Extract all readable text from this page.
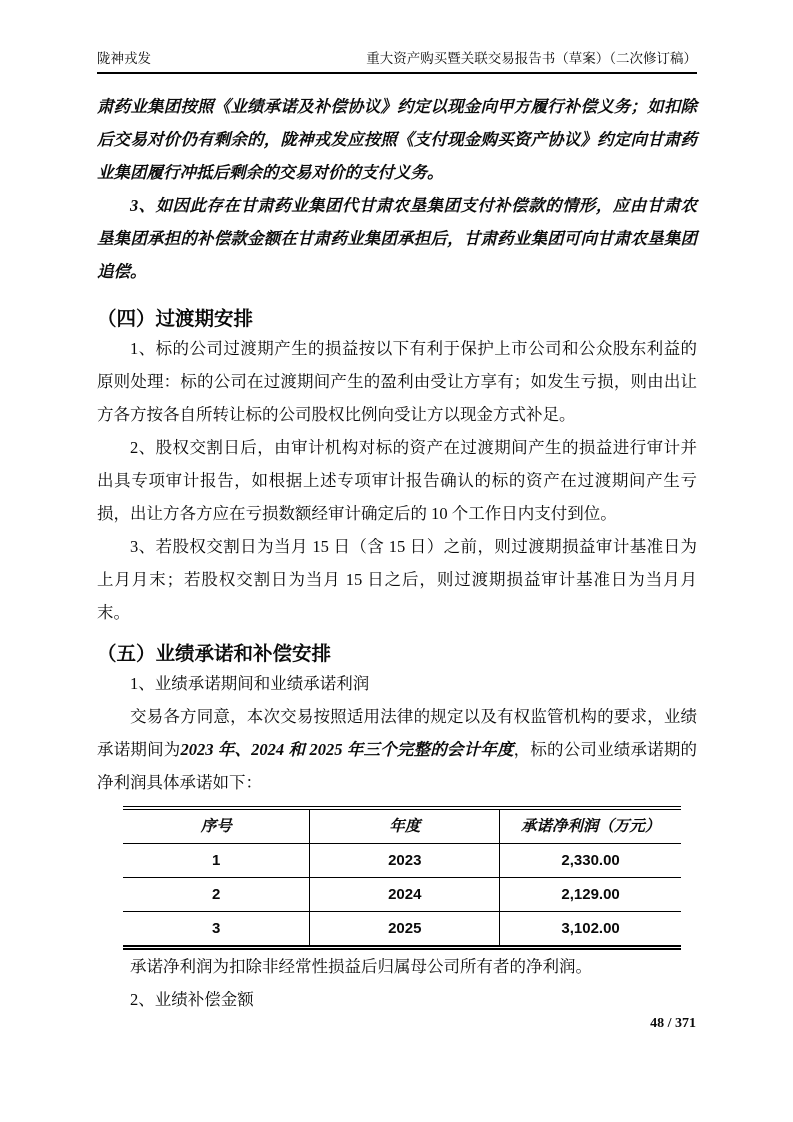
陇神戎发	重大资产购买暨关联交易报告书（草案）（二次修订稿）

肃药业集团按照《业绩承诺及补偿协议》约定以现金向甲方履行补偿义务；如扣除后交易对价仍有剩余的，陇神戎发应按照《支付现金购买资产协议》约定向甘肃药业集团履行冲抵后剩余的交易对价的支付义务。

3、如因此存在甘肃药业集团代甘肃农垦集团支付补偿款的情形，应由甘肃农垦集团承担的补偿款金额在甘肃药业集团承担后，甘肃药业集团可向甘肃农垦集团追偿。

（四）过渡期安排

1、标的公司过渡期产生的损益按以下有利于保护上市公司和公众股东利益的原则处理：标的公司在过渡期间产生的盈利由受让方享有；如发生亏损，则由出让方各方按各自所转让标的公司股权比例向受让方以现金方式补足。

2、股权交割日后，由审计机构对标的资产在过渡期间产生的损益进行审计并出具专项审计报告，如根据上述专项审计报告确认的标的资产在过渡期间产生亏损，出让方各方应在亏损数额经审计确定后的 10 个工作日内支付到位。

3、若股权交割日为当月 15 日（含 15 日）之前，则过渡期损益审计基准日为上月月末；若股权交割日为当月 15 日之后，则过渡期损益审计基准日为当月月末。

（五）业绩承诺和补偿安排

1、业绩承诺期间和业绩承诺利润

交易各方同意，本次交易按照适用法律的规定以及有权监管机构的要求，业绩承诺期间为2023 年、2024 和 2025 年三个完整的会计年度，标的公司业绩承诺期的净利润具体承诺如下：

序号	年度	承诺净利润（万元）
1	2023	2,330.00
2	2024	2,129.00
3	2025	3,102.00

承诺净利润为扣除非经常性损益后归属母公司所有者的净利润。

2、业绩补偿金额

48 / 371
